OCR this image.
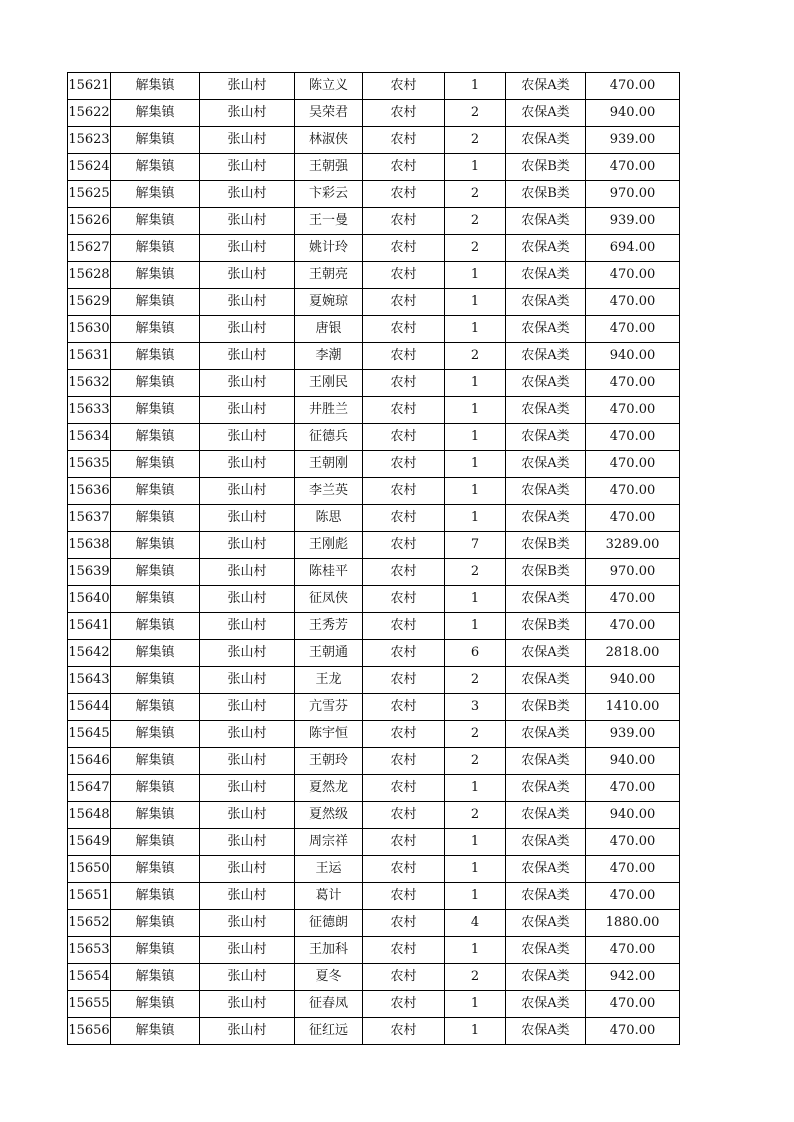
15621	解集镇	张山村	陈立义	农村	1	农保A类	470.00
15622	解集镇	张山村	吴荣君	农村	2	农保A类	940.00
15623	解集镇	张山村	林淑侠	农村	2	农保A类	939.00
15624	解集镇	张山村	王朝强	农村	1	农保B类	470.00
15625	解集镇	张山村	卞彩云	农村	2	农保B类	970.00
15626	解集镇	张山村	王一曼	农村	2	农保A类	939.00
15627	解集镇	张山村	姚计玲	农村	2	农保A类	694.00
15628	解集镇	张山村	王朝亮	农村	1	农保A类	470.00
15629	解集镇	张山村	夏婉琼	农村	1	农保A类	470.00
15630	解集镇	张山村	唐银	农村	1	农保A类	470.00
15631	解集镇	张山村	李潮	农村	2	农保A类	940.00
15632	解集镇	张山村	王刚民	农村	1	农保A类	470.00
15633	解集镇	张山村	井胜兰	农村	1	农保A类	470.00
15634	解集镇	张山村	征德兵	农村	1	农保A类	470.00
15635	解集镇	张山村	王朝刚	农村	1	农保A类	470.00
15636	解集镇	张山村	李兰英	农村	1	农保A类	470.00
15637	解集镇	张山村	陈思	农村	1	农保A类	470.00
15638	解集镇	张山村	王刚彪	农村	7	农保B类	3289.00
15639	解集镇	张山村	陈桂平	农村	2	农保B类	970.00
15640	解集镇	张山村	征凤侠	农村	1	农保A类	470.00
15641	解集镇	张山村	王秀芳	农村	1	农保B类	470.00
15642	解集镇	张山村	王朝通	农村	6	农保A类	2818.00
15643	解集镇	张山村	王龙	农村	2	农保A类	940.00
15644	解集镇	张山村	亢雪芬	农村	3	农保B类	1410.00
15645	解集镇	张山村	陈宇恒	农村	2	农保A类	939.00
15646	解集镇	张山村	王朝玲	农村	2	农保A类	940.00
15647	解集镇	张山村	夏然龙	农村	1	农保A类	470.00
15648	解集镇	张山村	夏然级	农村	2	农保A类	940.00
15649	解集镇	张山村	周宗祥	农村	1	农保A类	470.00
15650	解集镇	张山村	王运	农村	1	农保A类	470.00
15651	解集镇	张山村	葛计	农村	1	农保A类	470.00
15652	解集镇	张山村	征德朗	农村	4	农保A类	1880.00
15653	解集镇	张山村	王加科	农村	1	农保A类	470.00
15654	解集镇	张山村	夏冬	农村	2	农保A类	942.00
15655	解集镇	张山村	征春凤	农村	1	农保A类	470.00
15656	解集镇	张山村	征红远	农村	1	农保A类	470.00
